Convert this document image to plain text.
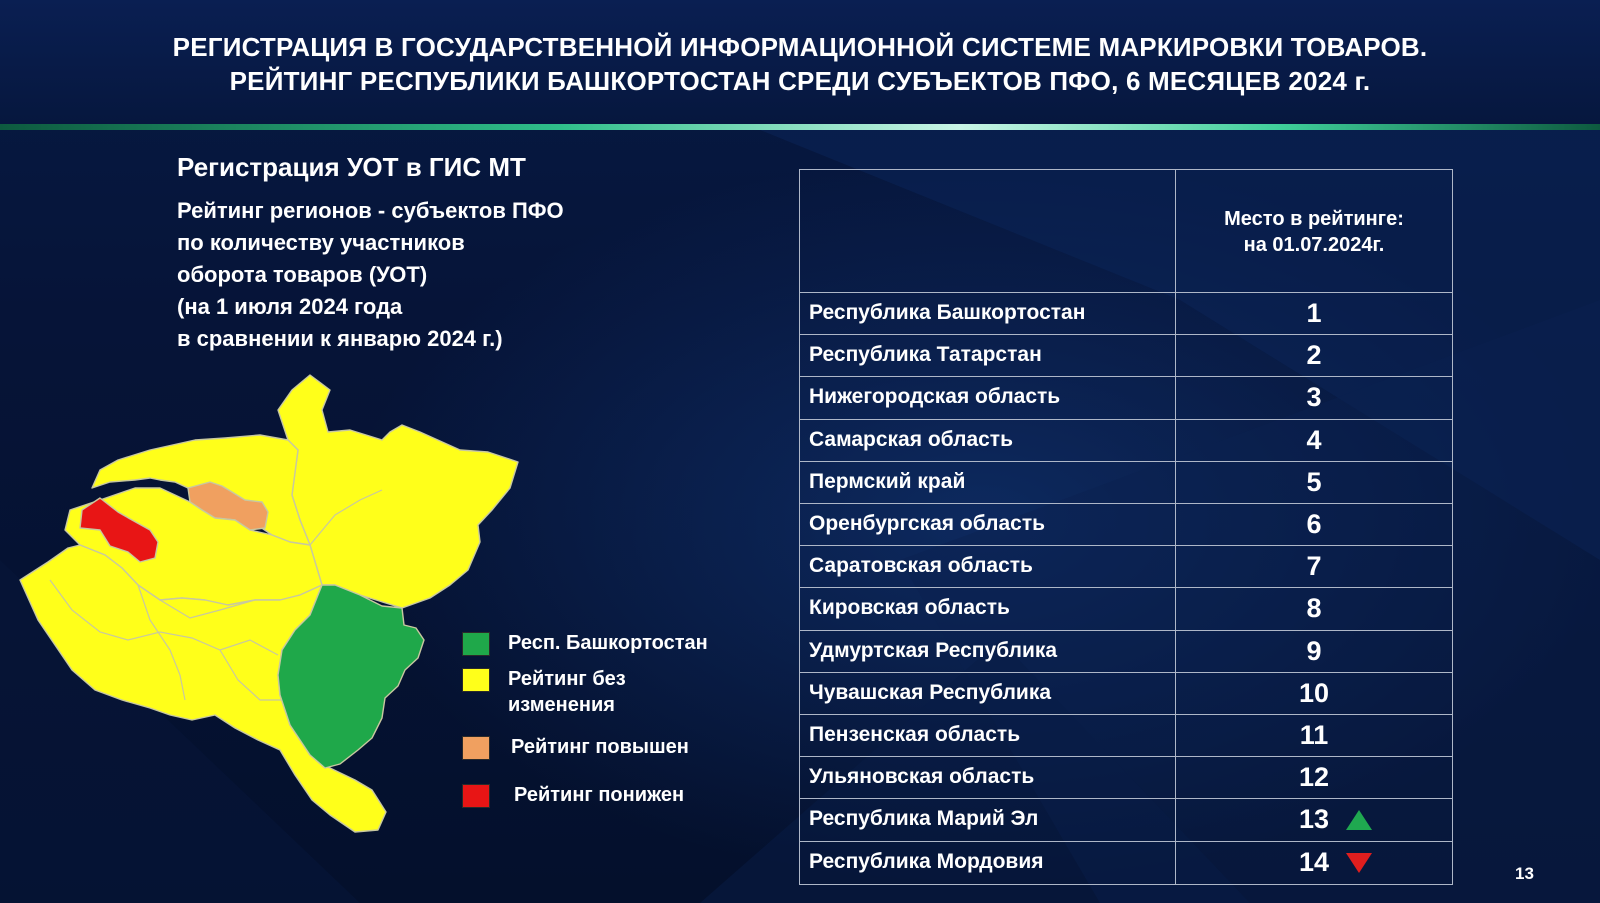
РЕГИСТРАЦИЯ В ГОСУДАРСТВЕННОЙ ИНФОРМАЦИОННОЙ СИСТЕМЕ МАРКИРОВКИ ТОВАРОВ.
РЕЙТИНГ РЕСПУБЛИКИ БАШКОРТОСТАН СРЕДИ СУБЪЕКТОВ ПФО, 6 МЕСЯЦЕВ 2024 г.
Регистрация УОТ в ГИС МТ
Рейтинг регионов - субъектов ПФО
по количеству участников
оборота товаров (УОТ)
(на 1 июля 2024 года
в сравнении к январю 2024 г.)
Респ. Башкортостан
Рейтинг без
изменения
Рейтинг повышен
Рейтинг понижен
Место в рейтинге:
на 01.07.2024г.
Республика Башкортостан	1
Республика Татарстан	2
Нижегородская область	3
Самарская область	4
Пермский край	5
Оренбургская область	6
Саратовская область	7
Кировская область	8
Удмуртская Республика	9
Чувашская Республика	10
Пензенская область	11
Ульяновская область	12
Республика Марий Эл	13
Республика Мордовия	14	13
